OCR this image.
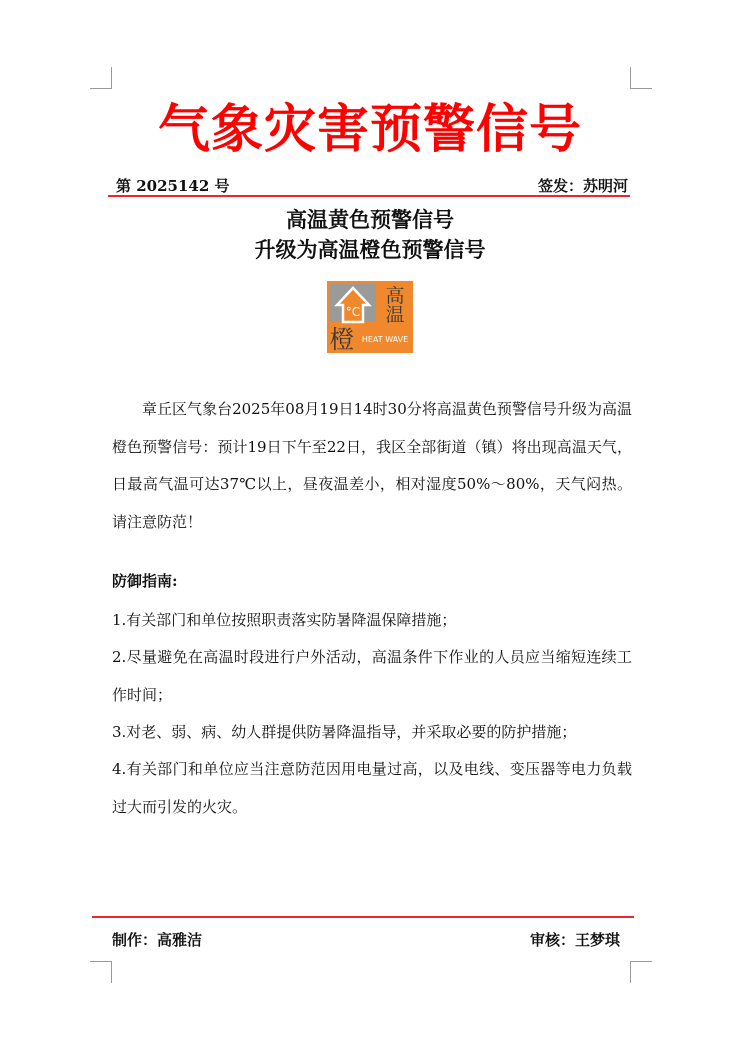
气象灾害预警信号
第 2025142 号	签发：苏明河
高温黄色预警信号
升级为高温橙色预警信号
°C
高
温
橙 HEAT WAVE
章丘区气象台2025年08月19日14时30分将高温黄色预警信号升级为高温橙色预警信号：预计19日下午至22日，我区全部街道（镇）将出现高温天气，日最高气温可达37℃以上，昼夜温差小，相对湿度50%～80%，天气闷热。请注意防范！
防御指南:
1.有关部门和单位按照职责落实防暑降温保障措施；
2.尽量避免在高温时段进行户外活动，高温条件下作业的人员应当缩短连续工作时间；
3.对老、弱、病、幼人群提供防暑降温指导，并采取必要的防护措施；
4.有关部门和单位应当注意防范因用电量过高，以及电线、变压器等电力负载过大而引发的火灾。
制作：高雅洁	审核：王梦琪
